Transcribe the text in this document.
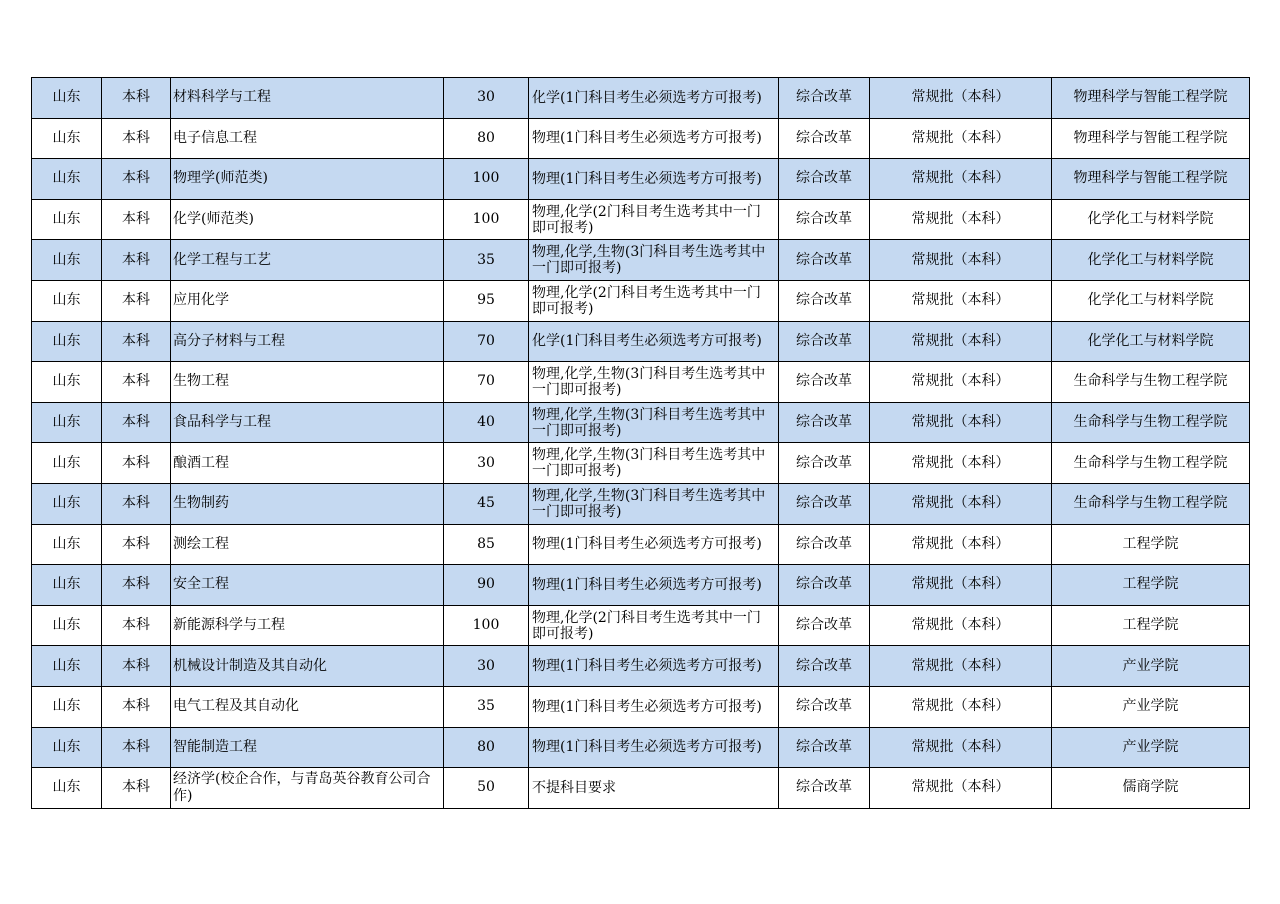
山东	本科	材料科学与工程	30	化学(1门科目考生必须选考方可报考)	综合改革	常规批（本科）	物理科学与智能工程学院
山东	本科	电子信息工程	80	物理(1门科目考生必须选考方可报考)	综合改革	常规批（本科）	物理科学与智能工程学院
山东	本科	物理学(师范类)	100	物理(1门科目考生必须选考方可报考)	综合改革	常规批（本科）	物理科学与智能工程学院
山东	本科	化学(师范类)	100	物理,化学(2门科目考生选考其中一门即可报考)	综合改革	常规批（本科）	化学化工与材料学院
山东	本科	化学工程与工艺	35	物理,化学,生物(3门科目考生选考其中一门即可报考)	综合改革	常规批（本科）	化学化工与材料学院
山东	本科	应用化学	95	物理,化学(2门科目考生选考其中一门即可报考)	综合改革	常规批（本科）	化学化工与材料学院
山东	本科	高分子材料与工程	70	化学(1门科目考生必须选考方可报考)	综合改革	常规批（本科）	化学化工与材料学院
山东	本科	生物工程	70	物理,化学,生物(3门科目考生选考其中一门即可报考)	综合改革	常规批（本科）	生命科学与生物工程学院
山东	本科	食品科学与工程	40	物理,化学,生物(3门科目考生选考其中一门即可报考)	综合改革	常规批（本科）	生命科学与生物工程学院
山东	本科	酿酒工程	30	物理,化学,生物(3门科目考生选考其中一门即可报考)	综合改革	常规批（本科）	生命科学与生物工程学院
山东	本科	生物制药	45	物理,化学,生物(3门科目考生选考其中一门即可报考)	综合改革	常规批（本科）	生命科学与生物工程学院
山东	本科	测绘工程	85	物理(1门科目考生必须选考方可报考)	综合改革	常规批（本科）	工程学院
山东	本科	安全工程	90	物理(1门科目考生必须选考方可报考)	综合改革	常规批（本科）	工程学院
山东	本科	新能源科学与工程	100	物理,化学(2门科目考生选考其中一门即可报考)	综合改革	常规批（本科）	工程学院
山东	本科	机械设计制造及其自动化	30	物理(1门科目考生必须选考方可报考)	综合改革	常规批（本科）	产业学院
山东	本科	电气工程及其自动化	35	物理(1门科目考生必须选考方可报考)	综合改革	常规批（本科）	产业学院
山东	本科	智能制造工程	80	物理(1门科目考生必须选考方可报考)	综合改革	常规批（本科）	产业学院
山东	本科	经济学(校企合作，与青岛英谷教育公司合作)	50	不提科目要求	综合改革	常规批（本科）	儒商学院
